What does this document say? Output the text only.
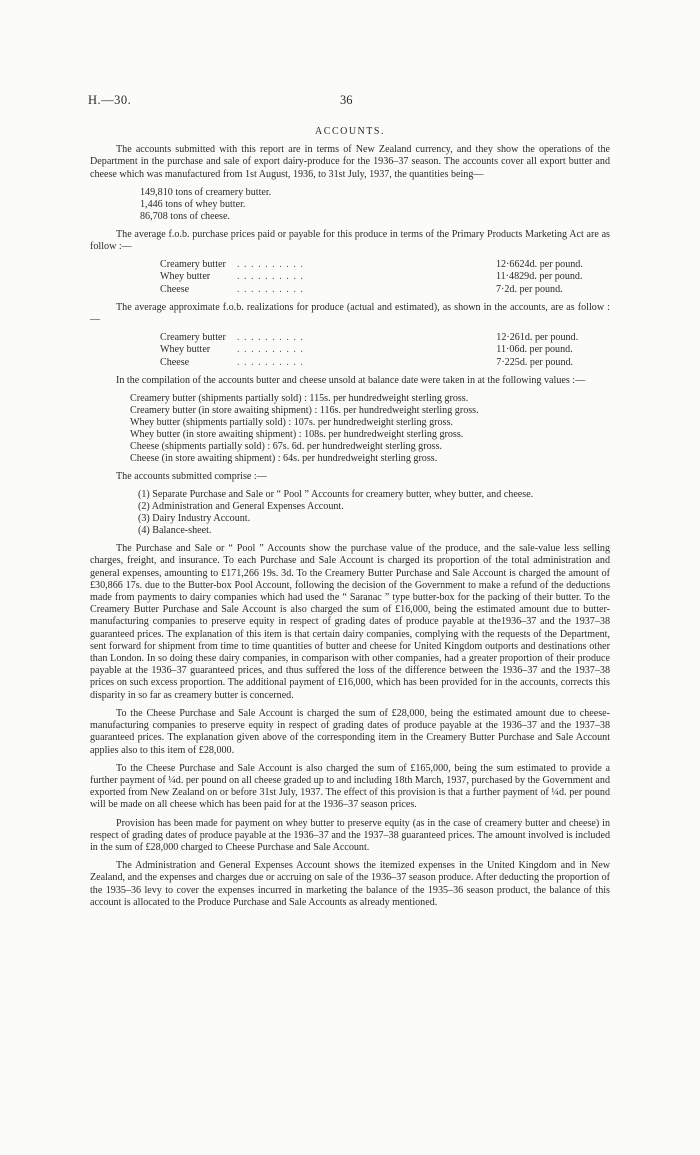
H.—30.	36
ACCOUNTS.

The accounts submitted with this report are in terms of New Zealand currency, and they show the operations of the Department in the purchase and sale of export dairy-produce for the 1936–37 season. The accounts cover all export butter and cheese which was manufactured from 1st August, 1936, to 31st July, 1937, the quantities being—

149,810 tons of creamery butter.
1,446 tons of whey butter.
86,708 tons of cheese.

The average f.o.b. purchase prices paid or payable for this produce in terms of the Primary Products Marketing Act are as follow :—

Creamery butter	. . . . . . . . . .	12·6624d. per pound.
Whey butter	. . . . . . . . . .	11·4829d. per pound.
Cheese	. . . . . . . . . .	7·2d. per pound.

The average approximate f.o.b. realizations for produce (actual and estimated), as shown in the accounts, are as follow :—

Creamery butter	. . . . . . . . . .	12·261d. per pound.
Whey butter	. . . . . . . . . .	11·06d. per pound.
Cheese	. . . . . . . . . .	7·225d. per pound.

In the compilation of the accounts butter and cheese unsold at balance date were taken in at the following values :—

Creamery butter (shipments partially sold) : 115s. per hundredweight sterling gross.
Creamery butter (in store awaiting shipment) : 116s. per hundredweight sterling gross.
Whey butter (shipments partially sold) : 107s. per hundredweight sterling gross.
Whey butter (in store awaiting shipment) : 108s. per hundredweight sterling gross.
Cheese (shipments partially sold) : 67s. 6d. per hundredweight sterling gross.
Cheese (in store awaiting shipment) : 64s. per hundredweight sterling gross.

The accounts submitted comprise :—

(1) Separate Purchase and Sale or “ Pool ” Accounts for creamery butter, whey butter, and cheese.
(2) Administration and General Expenses Account.
(3) Dairy Industry Account.
(4) Balance-sheet.

The Purchase and Sale or “ Pool ” Accounts show the purchase value of the produce, and the sale-value less selling charges, freight, and insurance. To each Purchase and Sale Account is charged its proportion of the total administration and general expenses, amounting to £171,266 19s. 3d. To the Creamery Butter Purchase and Sale Account is charged the amount of £30,866 17s. due to the Butter-box Pool Account, following the decision of the Government to make a refund of the deductions made from payments to dairy companies which had used the “ Saranac ” type butter-box for the packing of their butter. To the Creamery Butter Purchase and Sale Account is also charged the sum of £16,000, being the estimated amount due to butter-manufacturing companies to preserve equity in respect of grading dates of produce payable at the1936–37 and the 1937–38 guaranteed prices. The explanation of this item is that certain dairy companies, complying with the requests of the Department, sent forward for shipment from time to time quantities of butter and cheese for United Kingdom outports and destinations other than London. In so doing these dairy companies, in comparison with other companies, had a greater proportion of their produce payable at the 1936–37 guaranteed prices, and thus suffered the loss of the difference between the 1936–37 and the 1937–38 prices on such excess proportion. The additional payment of £16,000, which has been provided for in the accounts, corrects this disparity in so far as creamery butter is concerned.

To the Cheese Purchase and Sale Account is charged the sum of £28,000, being the estimated amount due to cheese-manufacturing companies to preserve equity in respect of grading dates of produce payable at the 1936–37 and the 1937–38 guaranteed prices. The explanation given above of the corresponding item in the Creamery Butter Purchase and Sale Account applies also to this item of £28,000.

To the Cheese Purchase and Sale Account is also charged the sum of £165,000, being the sum estimated to provide a further payment of ¼d. per pound on all cheese graded up to and including 18th March, 1937, purchased by the Government and exported from New Zealand on or before 31st July, 1937. The effect of this provision is that a further payment of ¼d. per pound will be made on all cheese which has been paid for at the 1936–37 season prices.

Provision has been made for payment on whey butter to preserve equity (as in the case of creamery butter and cheese) in respect of grading dates of produce payable at the 1936–37 and the 1937–38 guaranteed prices. The amount involved is included in the sum of £28,000 charged to Cheese Purchase and Sale Account.

The Administration and General Expenses Account shows the itemized expenses in the United Kingdom and in New Zealand, and the expenses and charges due or accruing on sale of the 1936–37 season produce. After deducting the proportion of the 1935–36 levy to cover the expenses incurred in marketing the balance of the 1935–36 season product, the balance of this account is allocated to the Produce Purchase and Sale Accounts as already mentioned.
